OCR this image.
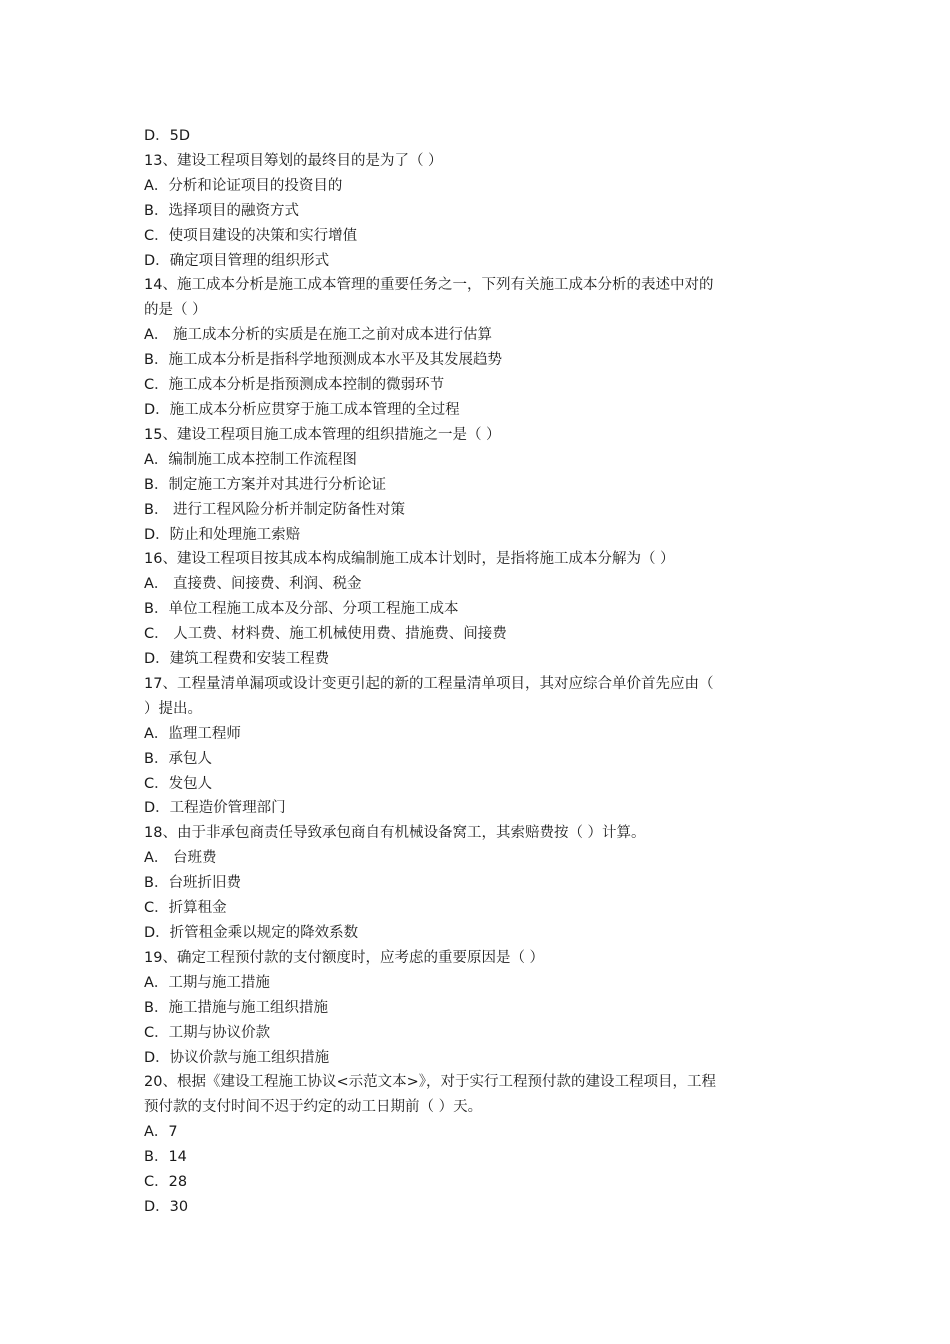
D．5D

13、建设工程项目筹划的最终目的是为了（ ）

A．分析和论证项目的投资目的

B．选择项目的融资方式

C．使项目建设的决策和实行增值

D．确定项目管理的组织形式

14、施工成本分析是施工成本管理的重要任务之一，下列有关施工成本分析的表述中对的

的是（ ）

A． 施工成本分析的实质是在施工之前对成本进行估算

B．施工成本分析是指科学地预测成本水平及其发展趋势

C．施工成本分析是指预测成本控制的微弱环节

D．施工成本分析应贯穿于施工成本管理的全过程

15、建设工程项目施工成本管理的组织措施之一是（ ）

A．编制施工成本控制工作流程图

B．制定施工方案并对其进行分析论证

B． 进行工程风险分析并制定防备性对策

D．防止和处理施工索赔

16、建设工程项目按其成本构成编制施工成本计划时，是指将施工成本分解为（ ）

A． 直接费、间接费、利润、税金

B．单位工程施工成本及分部、分项工程施工成本

C． 人工费、材料费、施工机械使用费、措施费、间接费

D．建筑工程费和安装工程费

17、工程量清单漏项或设计变更引起的新的工程量清单项目，其对应综合单价首先应由（

）提出。

A．监理工程师

B．承包人

C．发包人

D．工程造价管理部门

18、由于非承包商责任导致承包商自有机械设备窝工，其索赔费按（ ）计算。

A． 台班费

B．台班折旧费

C．折算租金

D．折管租金乘以规定的降效系数

19、确定工程预付款的支付额度时，应考虑的重要原因是（ ）

A．工期与施工措施

B．施工措施与施工组织措施

C．工期与协议价款

D．协议价款与施工组织措施

20、根据《建设工程施工协议<示范文本>》，对于实行工程预付款的建设工程项目，工程

预付款的支付时间不迟于约定的动工日期前（ ）天。

A．7

B．14

C．28

D．30
